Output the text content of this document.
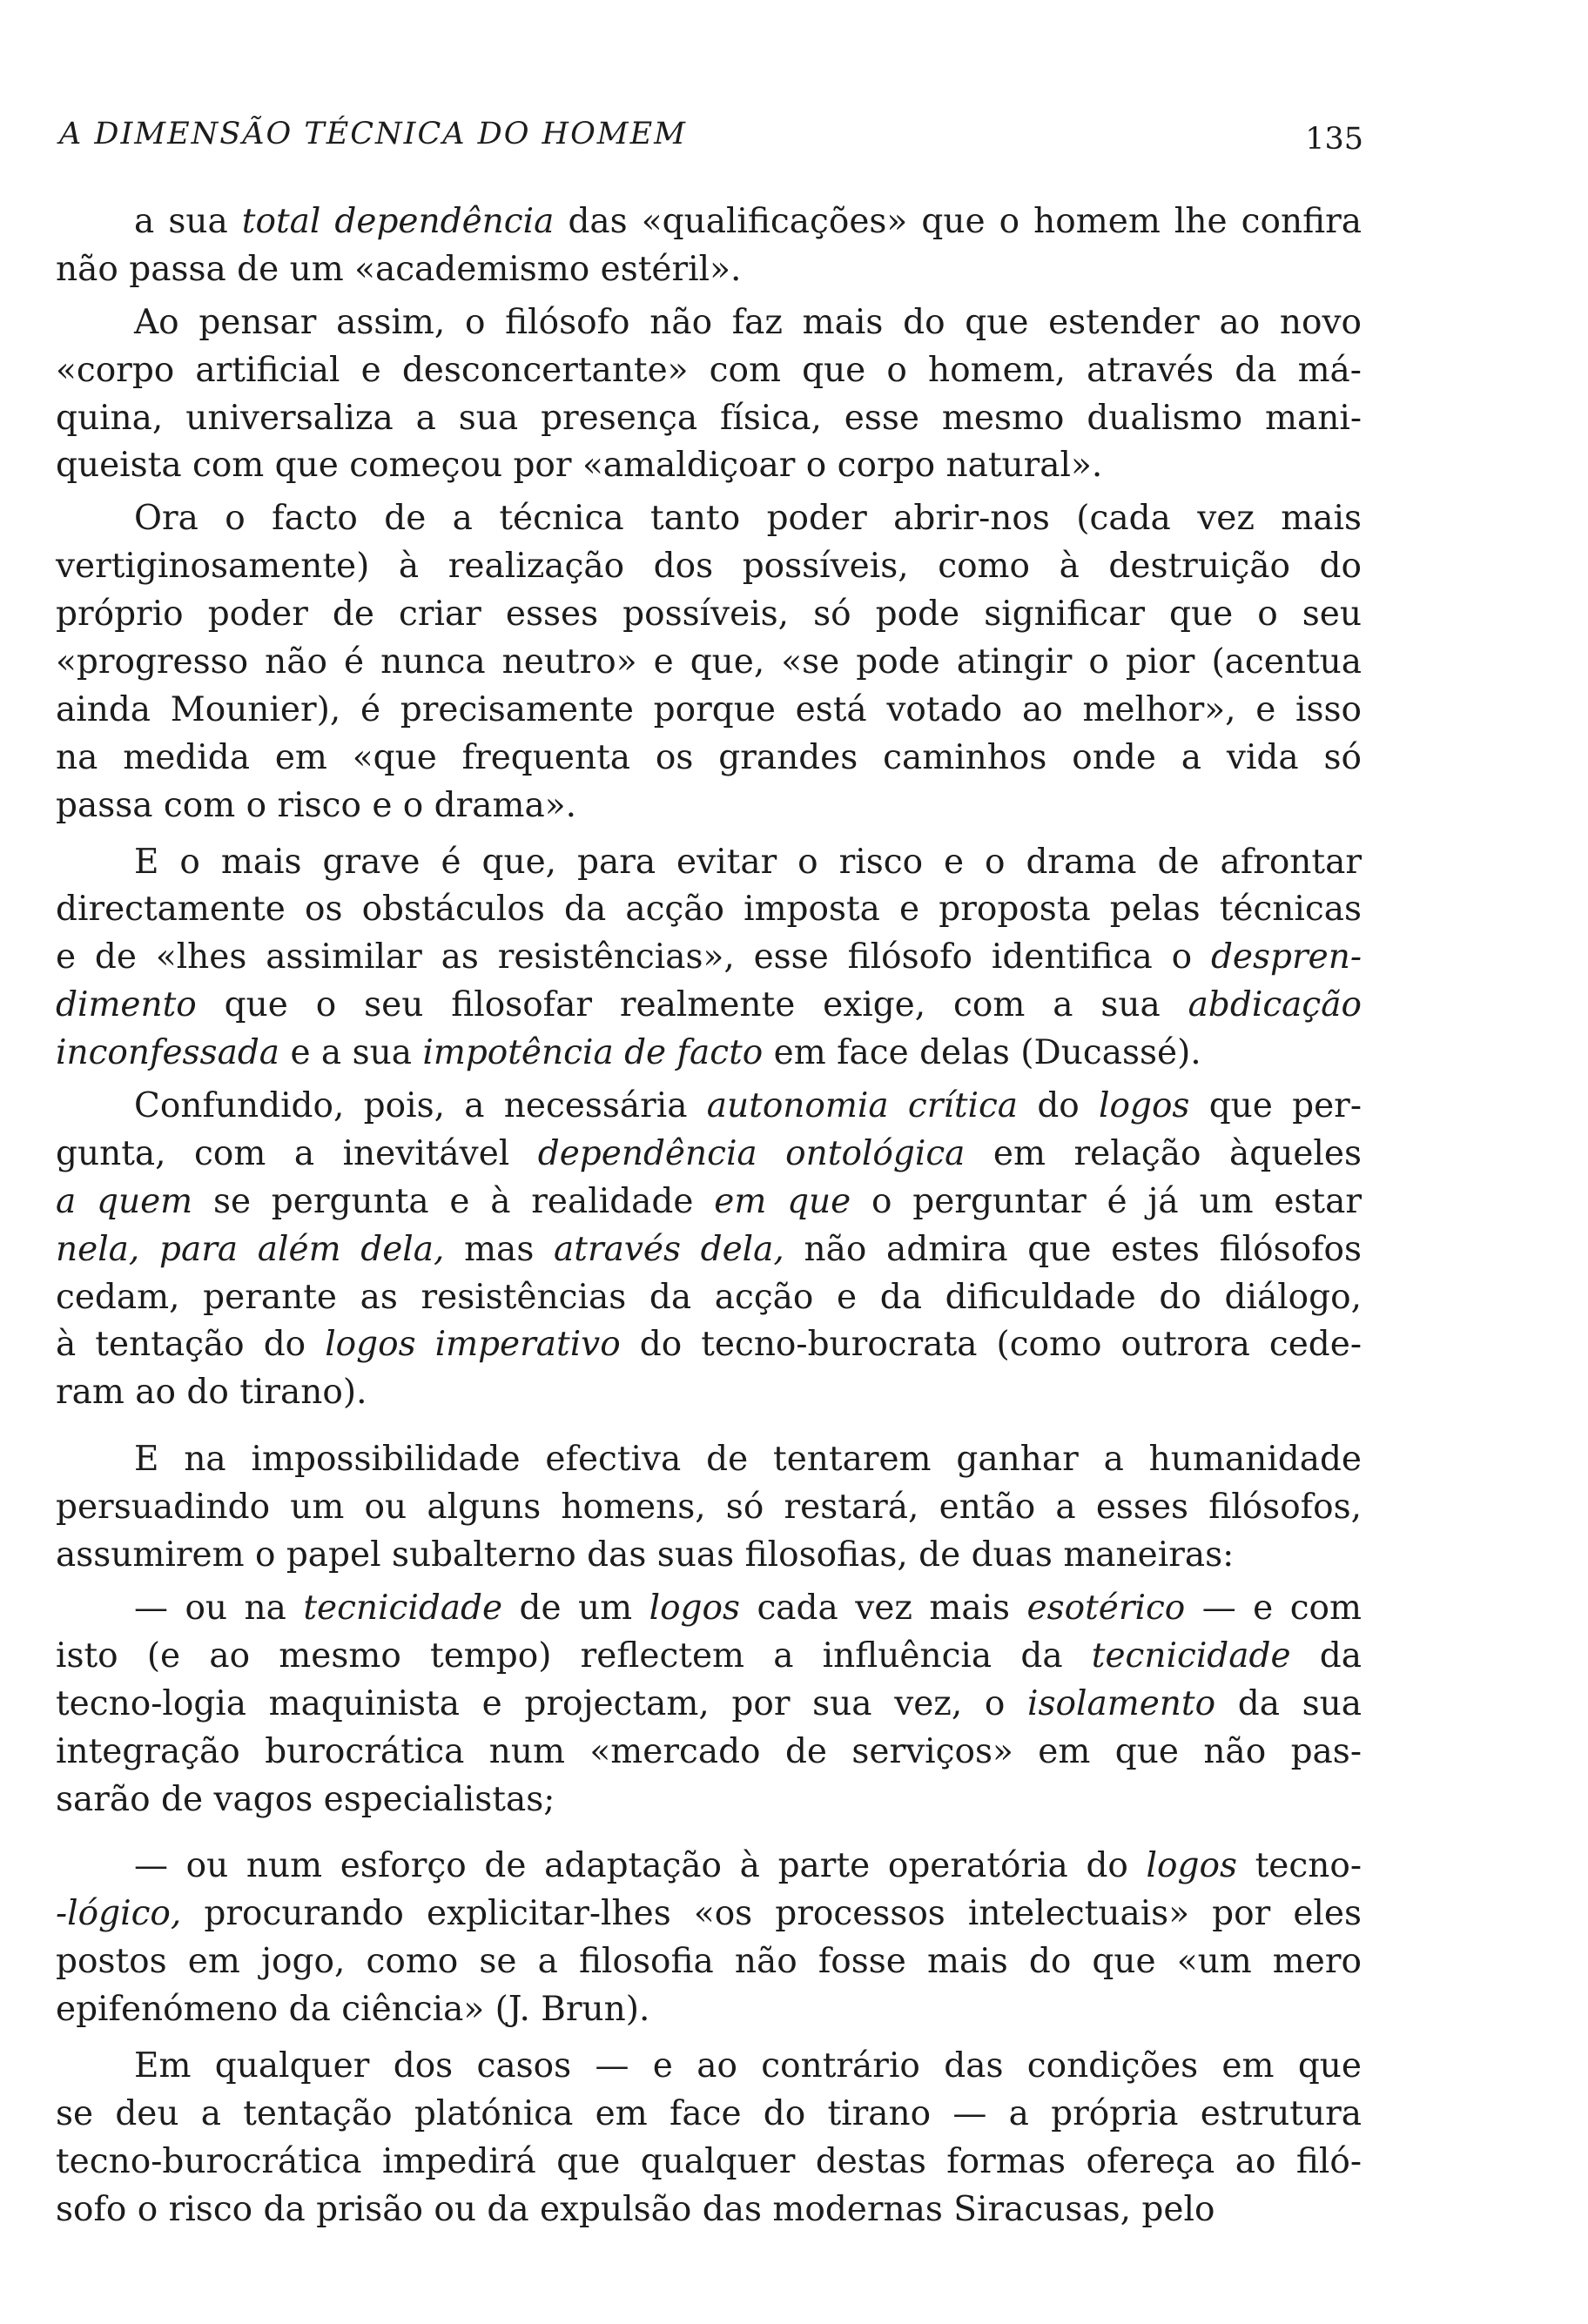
A DIMENSÃO TÉCNICA DO HOMEM	135
a sua total dependência das «qualificações» que o homem lhe confira
não passa de um «academismo estéril».
Ao pensar assim, o filósofo não faz mais do que estender ao novo
«corpo artificial e desconcertante» com que o homem, através da má-
quina, universaliza a sua presença física, esse mesmo dualismo mani-
queista com que começou por «amaldiçoar o corpo natural».
Ora o facto de a técnica tanto poder abrir-nos (cada vez mais
vertiginosamente) à realização dos possíveis, como à destruição do
próprio poder de criar esses possíveis, só pode significar que o seu
«progresso não é nunca neutro» e que, «se pode atingir o pior (acentua
ainda Mounier), é precisamente porque está votado ao melhor», e isso
na medida em «que frequenta os grandes caminhos onde a vida só
passa com o risco e o drama».
E o mais grave é que, para evitar o risco e o drama de afrontar
directamente os obstáculos da acção imposta e proposta pelas técnicas
e de «lhes assimilar as resistências», esse filósofo identifica o despren-
dimento que o seu filosofar realmente exige, com a sua abdicação
inconfessada e a sua impotência de facto em face delas (Ducassé).
Confundido, pois, a necessária autonomia crítica do logos que per-
gunta, com a inevitável dependência ontológica em relação àqueles
a quem se pergunta e à realidade em que o perguntar é já um estar
nela, para além dela, mas através dela, não admira que estes filósofos
cedam, perante as resistências da acção e da dificuldade do diálogo,
à tentação do logos imperativo do tecno-burocrata (como outrora cede-
ram ao do tirano).
E na impossibilidade efectiva de tentarem ganhar a humanidade
persuadindo um ou alguns homens, só restará, então a esses filósofos,
assumirem o papel subalterno das suas filosofias, de duas maneiras:
— ou na tecnicidade de um logos cada vez mais esotérico — e com
isto (e ao mesmo tempo) reflectem a influência da tecnicidade da
tecno-logia maquinista e projectam, por sua vez, o isolamento da sua
integração burocrática num «mercado de serviços» em que não pas-
sarão de vagos especialistas;
— ou num esforço de adaptação à parte operatória do logos tecno-
-lógico, procurando explicitar-lhes «os processos intelectuais» por eles
postos em jogo, como se a filosofia não fosse mais do que «um mero
epifenómeno da ciência» (J. Brun).
Em qualquer dos casos — e ao contrário das condições em que
se deu a tentação platónica em face do tirano — a própria estrutura
tecno-burocrática impedirá que qualquer destas formas ofereça ao filó-
sofo o risco da prisão ou da expulsão das modernas Siracusas, pelo
